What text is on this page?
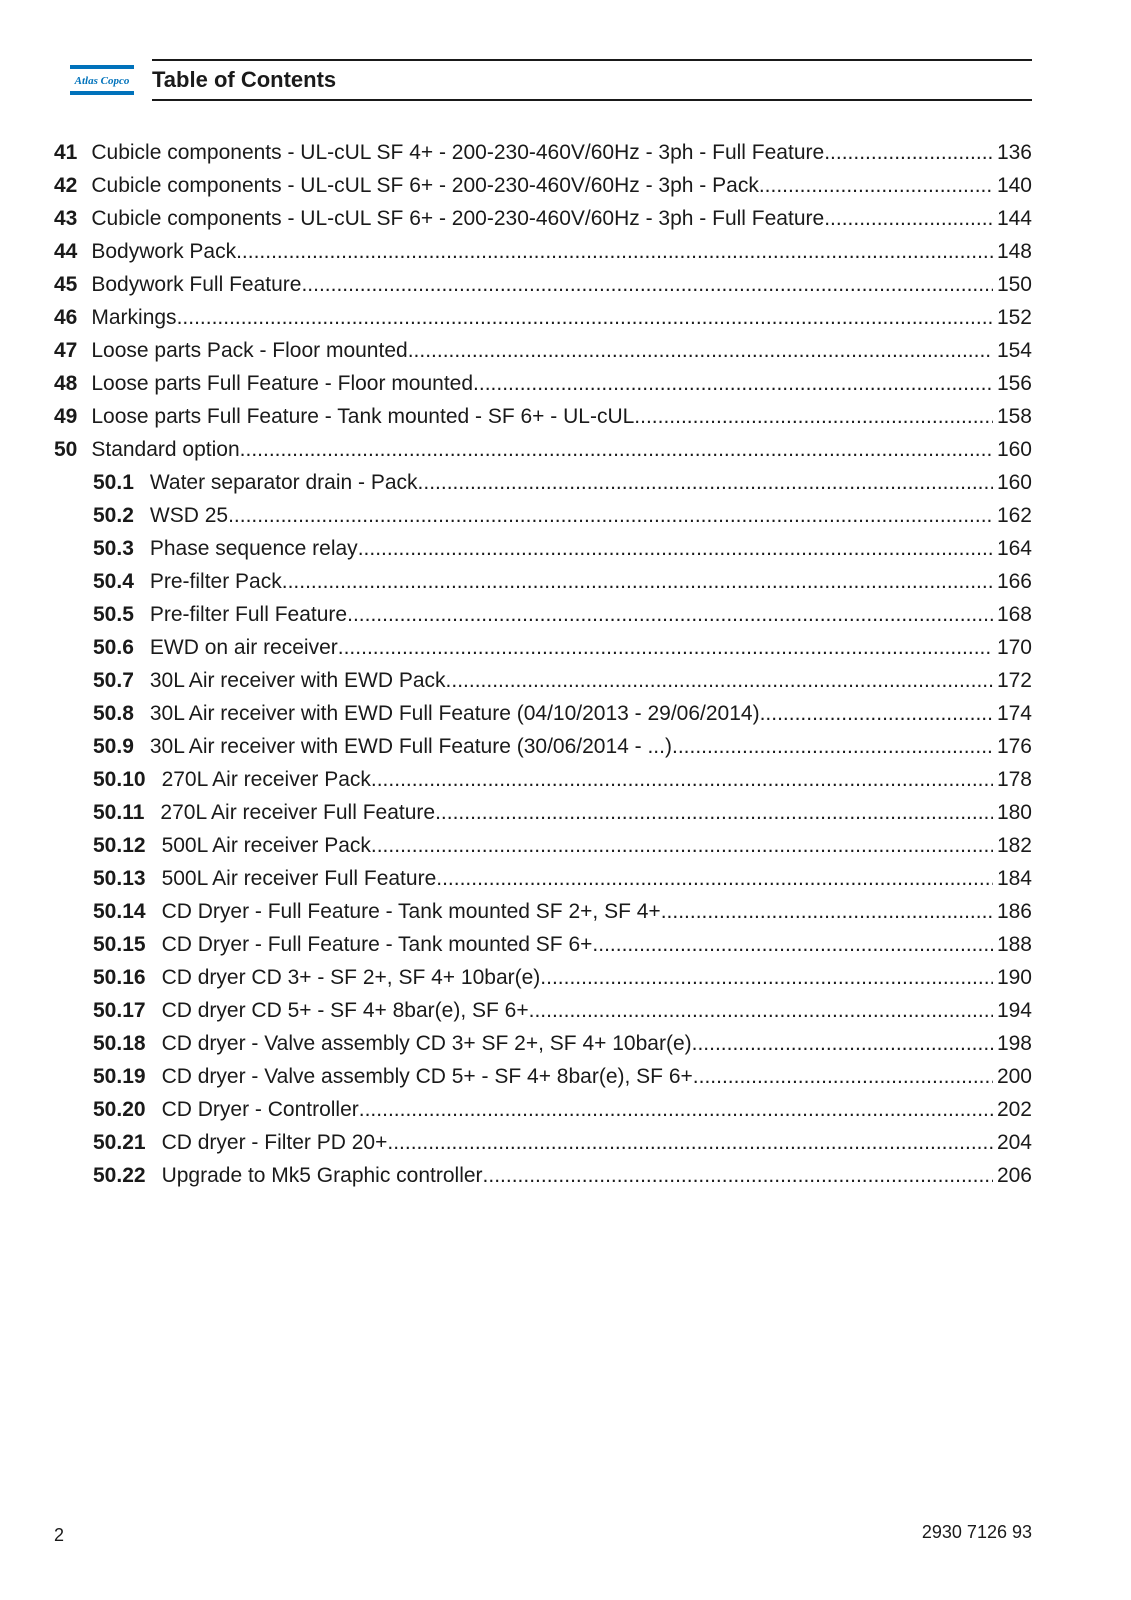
Atlas Copco Table of Contents
41 Cubicle components - UL-cUL SF 4+ - 200-230-460V/60Hz - 3ph - Full Feature .....	136
42 Cubicle components - UL-cUL SF 6+ - 200-230-460V/60Hz - 3ph - Pack .....	140
43 Cubicle components - UL-cUL SF 6+ - 200-230-460V/60Hz - 3ph - Full Feature .....	144
44 Bodywork Pack .....	148
45 Bodywork Full Feature .....	150
46 Markings .....	152
47 Loose parts Pack - Floor mounted .....	154
48 Loose parts Full Feature - Floor mounted .....	156
49 Loose parts Full Feature - Tank mounted - SF 6+ - UL-cUL .....	158
50 Standard option .....	160
50.1 Water separator drain - Pack .....	160
50.2 WSD 25 .....	162
50.3 Phase sequence relay .....	164
50.4 Pre-filter Pack .....	166
50.5 Pre-filter Full Feature .....	168
50.6 EWD on air receiver .....	170
50.7 30L Air receiver with EWD Pack .....	172
50.8 30L Air receiver with EWD Full Feature (04/10/2013 - 29/06/2014) .....	174
50.9 30L Air receiver with EWD Full Feature (30/06/2014 - ...) .....	176
50.10 270L Air receiver Pack .....	178
50.11 270L Air receiver Full Feature .....	180
50.12 500L Air receiver Pack .....	182
50.13 500L Air receiver Full Feature .....	184
50.14 CD Dryer - Full Feature - Tank mounted SF 2+, SF 4+ .....	186
50.15 CD Dryer - Full Feature - Tank mounted SF 6+ .....	188
50.16 CD dryer CD 3+ - SF 2+, SF 4+ 10bar(e) .....	190
50.17 CD dryer CD 5+ - SF 4+ 8bar(e), SF 6+ .....	194
50.18 CD dryer - Valve assembly CD 3+ SF 2+, SF 4+ 10bar(e) .....	198
50.19 CD dryer - Valve assembly CD 5+ - SF 4+ 8bar(e), SF 6+ .....	200
50.20 CD Dryer - Controller .....	202
50.21 CD dryer - Filter PD 20+ .....	204
50.22 Upgrade to Mk5 Graphic controller .....	206
2	2930 7126 93
